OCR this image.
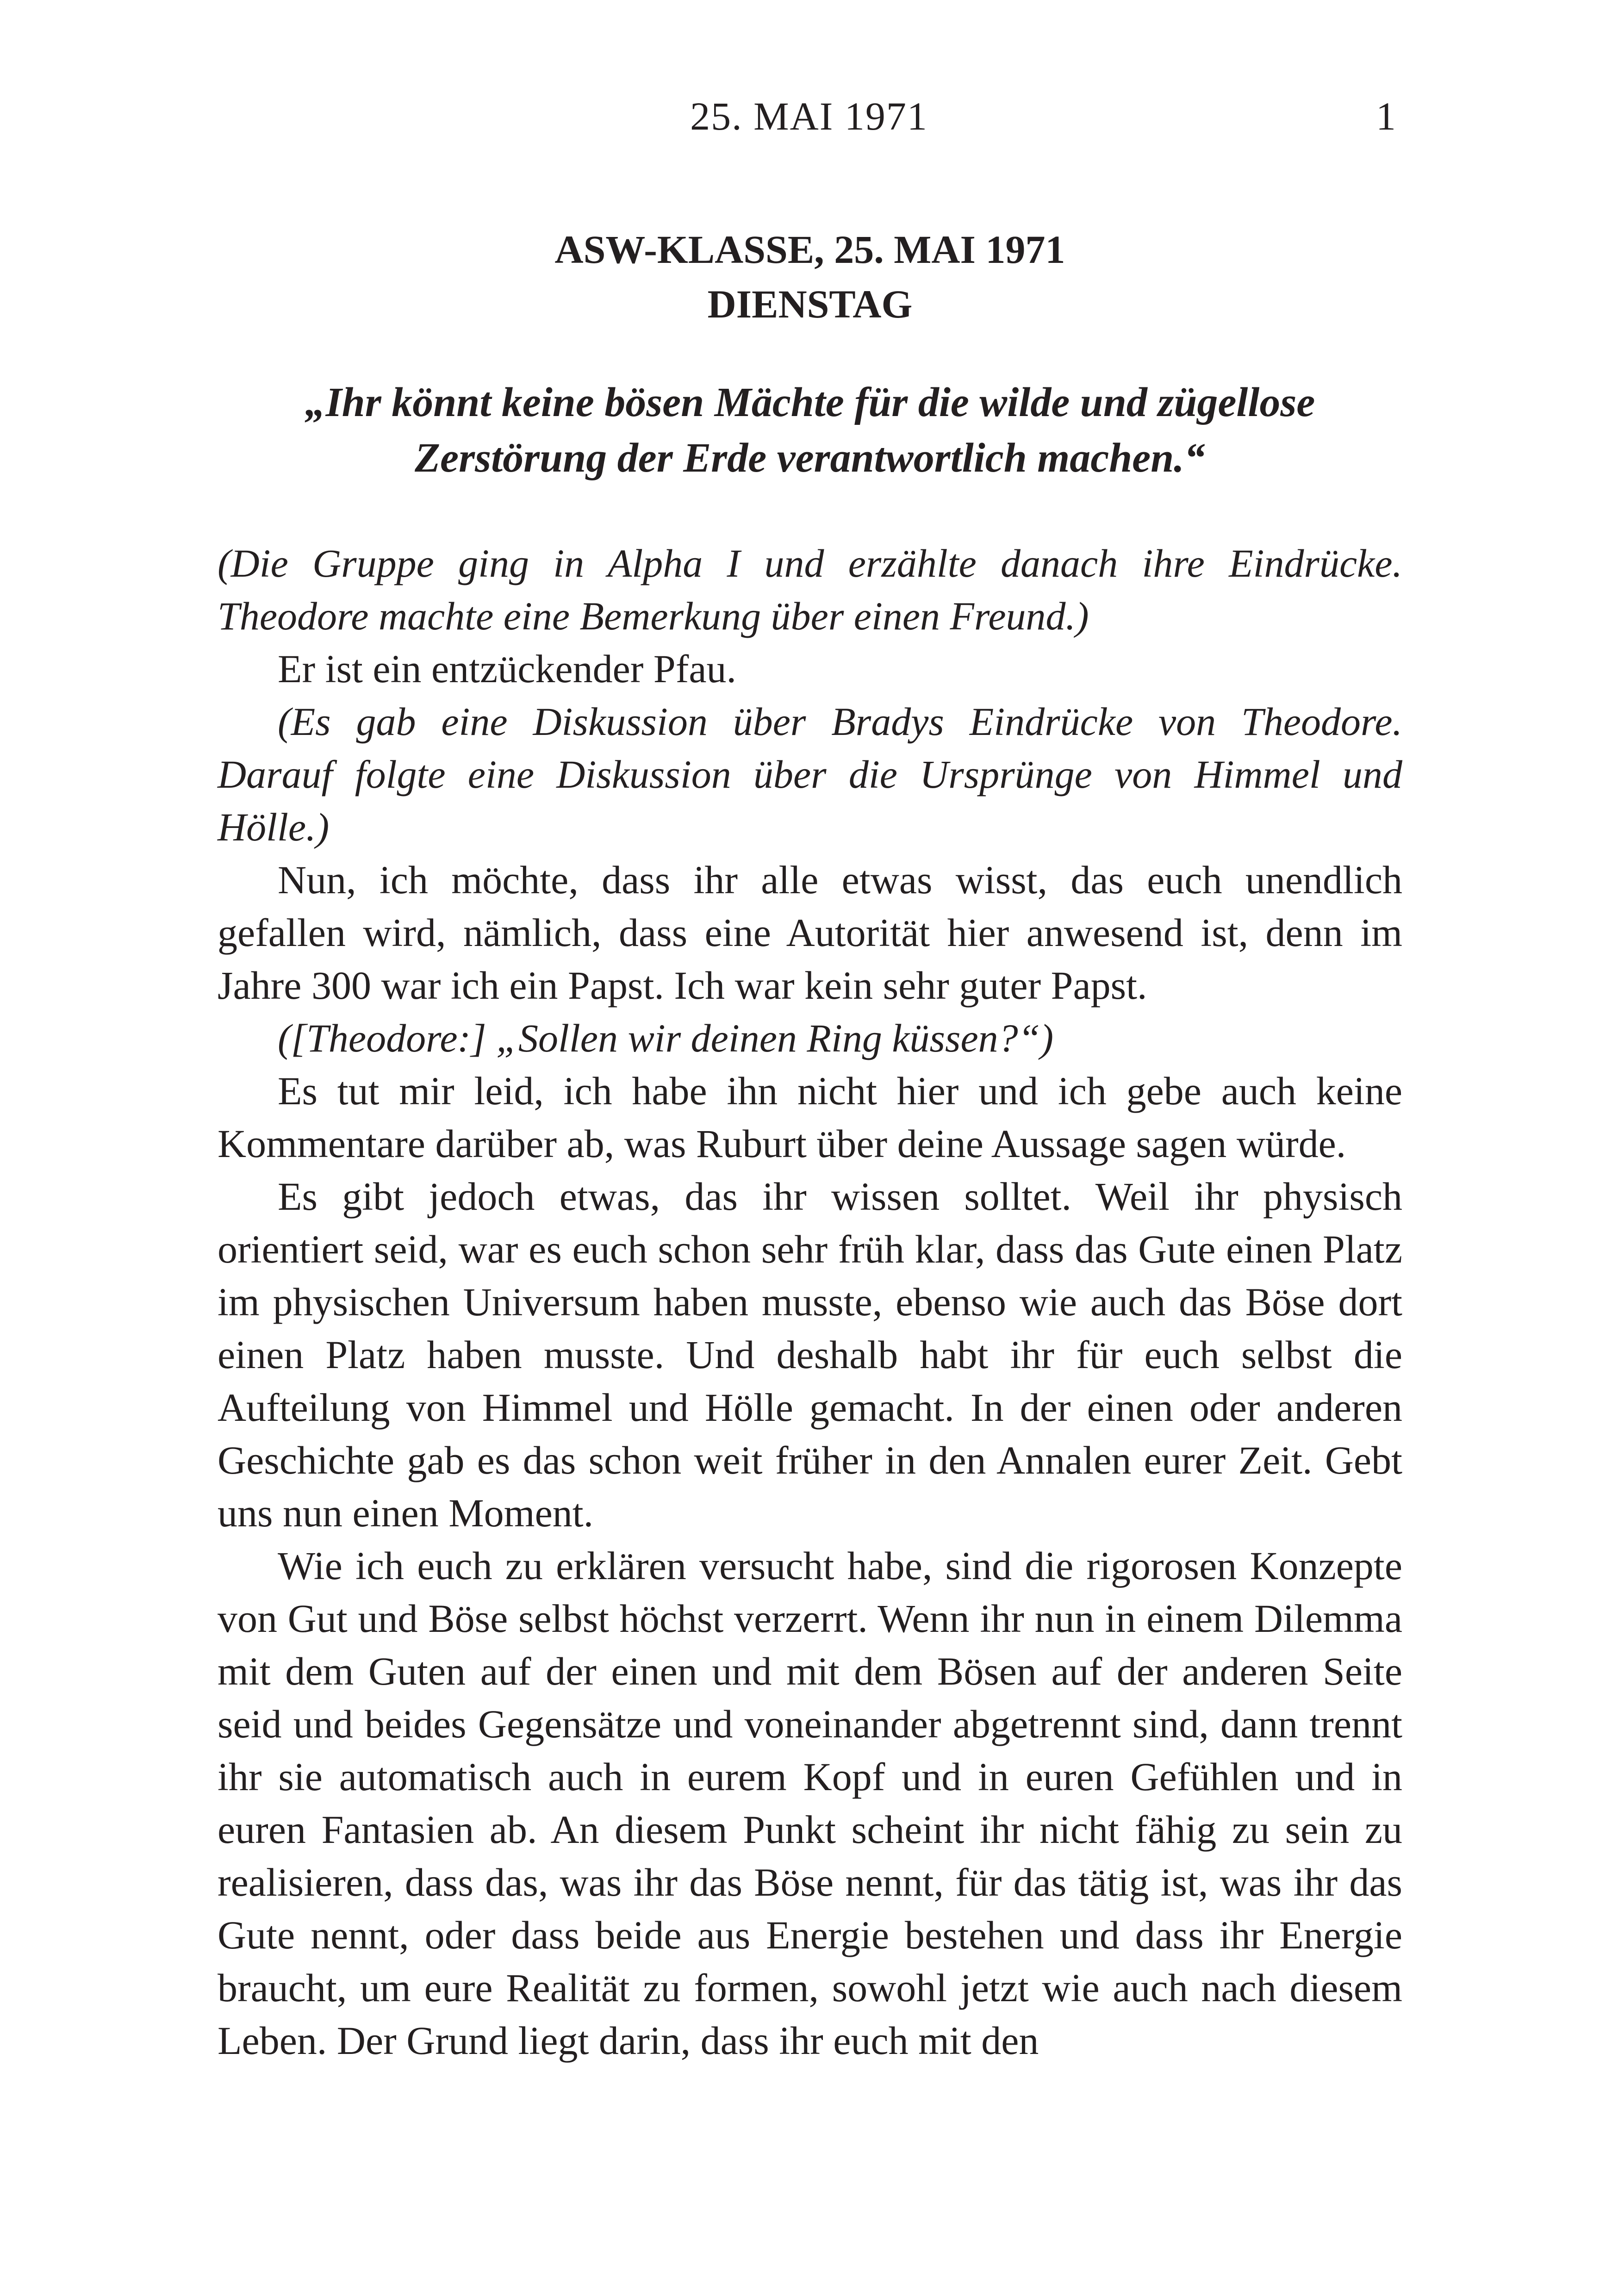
25. MAI 1971	1
ASW-KLASSE, 25. MAI 1971
DIENSTAG
„Ihr könnt keine bösen Mächte für die wilde und zügellose
Zerstörung der Erde verantwortlich machen.“

(Die Gruppe ging in Alpha I und erzählte danach ihre Eindrücke. Theodore machte eine Bemerkung über einen Freund.)

Er ist ein entzückender Pfau.

(Es gab eine Diskussion über Bradys Eindrücke von Theodore. Darauf folgte eine Diskussion über die Ursprünge von Himmel und Hölle.)

Nun, ich möchte, dass ihr alle etwas wisst, das euch unendlich gefallen wird, nämlich, dass eine Autorität hier anwesend ist, denn im Jahre 300 war ich ein Papst. Ich war kein sehr guter Papst.

([Theodore:] „Sollen wir deinen Ring küssen?“)

Es tut mir leid, ich habe ihn nicht hier und ich gebe auch keine Kommentare darüber ab, was Ruburt über deine Aussage sagen würde.

Es gibt jedoch etwas, das ihr wissen solltet. Weil ihr physisch orientiert seid, war es euch schon sehr früh klar, dass das Gute einen Platz im physischen Universum haben musste, ebenso wie auch das Böse dort einen Platz haben musste. Und deshalb habt ihr für euch selbst die Aufteilung von Himmel und Hölle gemacht. In der einen oder anderen Geschichte gab es das schon weit früher in den Annalen eurer Zeit. Gebt uns nun einen Moment.

Wie ich euch zu erklären versucht habe, sind die rigorosen Konzepte von Gut und Böse selbst höchst verzerrt. Wenn ihr nun in einem Dilemma mit dem Guten auf der einen und mit dem Bösen auf der anderen Seite seid und beides Gegensätze und voneinander abgetrennt sind, dann trennt ihr sie automatisch auch in eurem Kopf und in euren Gefühlen und in euren Fantasien ab. An diesem Punkt scheint ihr nicht fähig zu sein zu realisieren, dass das, was ihr das Böse nennt, für das tätig ist, was ihr das Gute nennt, oder dass beide aus Energie bestehen und dass ihr Energie braucht, um eure Realität zu formen, sowohl jetzt wie auch nach diesem Leben. Der Grund liegt darin, dass ihr euch mit den
